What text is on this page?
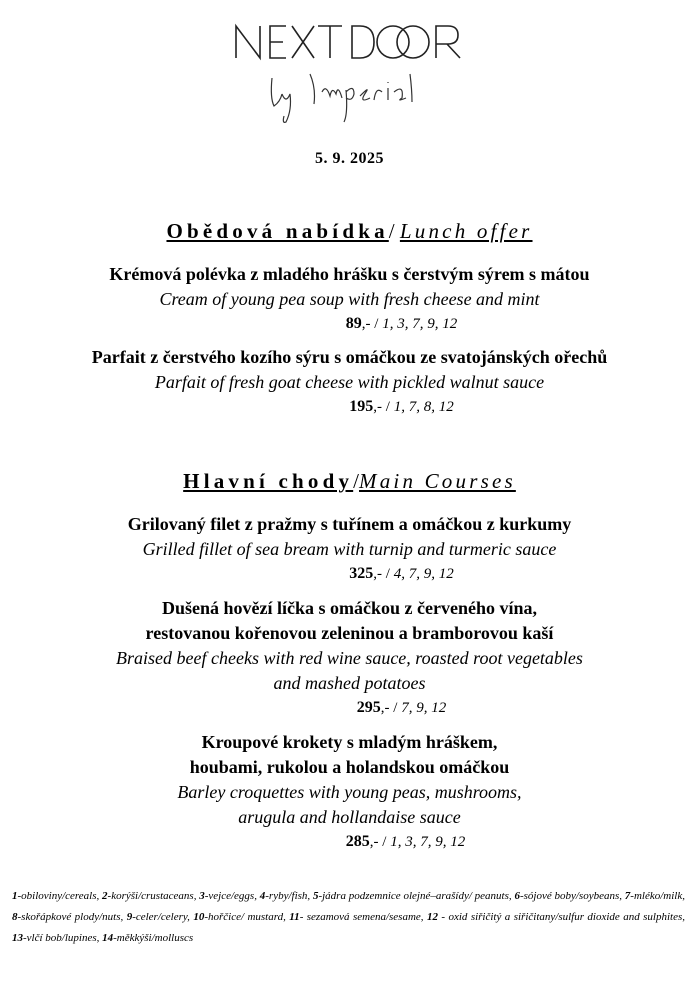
5. 9. 2025
Obědová nabídka/ Lunch offer
Krémová polévka z mladého hrášku s čerstvým sýrem s mátou
Cream of young pea soup with fresh cheese and mint
89,- / 1, 3, 7, 9, 12
Parfait z čerstvého kozího sýru s omáčkou ze svatojánských ořechů
Parfait of fresh goat cheese with pickled walnut sauce
195,- / 1, 7, 8, 12
Hlavní chody/Main Courses
Grilovaný filet z pražmy s tuřínem a omáčkou z kurkumy
Grilled fillet of sea bream with turnip and turmeric sauce
325,- / 4, 7, 9, 12
Dušená hovězí líčka s omáčkou z červeného vína,
restovanou kořenovou zeleninou a bramborovou kaší
Braised beef cheeks with red wine sauce, roasted root vegetables
and mashed potatoes
295,- / 7, 9, 12
Kroupové krokety s mladým hráškem,
houbami, rukolou a holandskou omáčkou
Barley croquettes with young peas, mushrooms,
arugula and hollandaise sauce
285,- / 1, 3, 7, 9, 12
1-obiloviny/cereals, 2-korýši/crustaceans, 3-vejce/eggs, 4-ryby/fish, 5-jádra podzemnice olejné–arašídy/ peanuts, 6-sójové boby/soybeans, 7-mléko/milk, 8-skořápkové plody/nuts, 9-celer/celery, 10-hořčice/ mustard, 11- sezamová semena/sesame, 12 - oxid siřičitý a siřičitany/sulfur dioxide and sulphites, 13-vlčí bob/lupines, 14-měkkýši/molluscs
